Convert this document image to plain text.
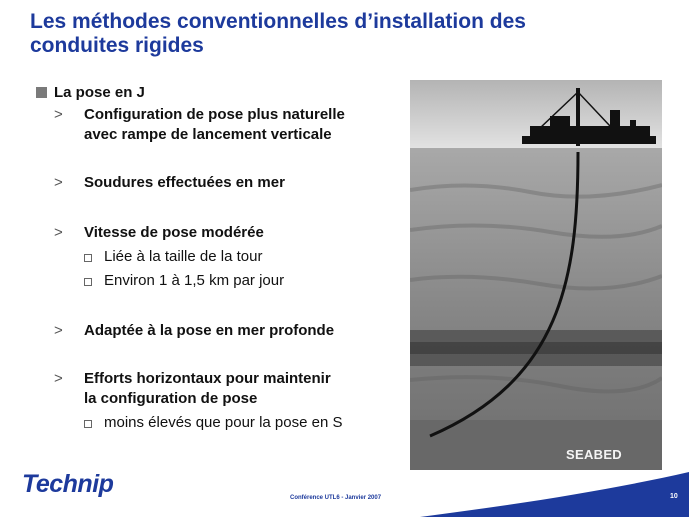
Les méthodes conventionnelles d’installation des
conduites rigides
La pose en J
> Configuration de pose plus naturelle
avec rampe de lancement verticale
> Soudures effectuées en mer
> Vitesse de pose modérée
Liée à la taille de la tour
Environ 1 à 1,5 km par jour
> Adaptée à la pose en mer profonde
> Efforts horizontaux pour maintenir
la configuration de pose
moins élevés que pour la pose en S
SEABED
Technip	Conférence UTL6 - Janvier 2007	10
